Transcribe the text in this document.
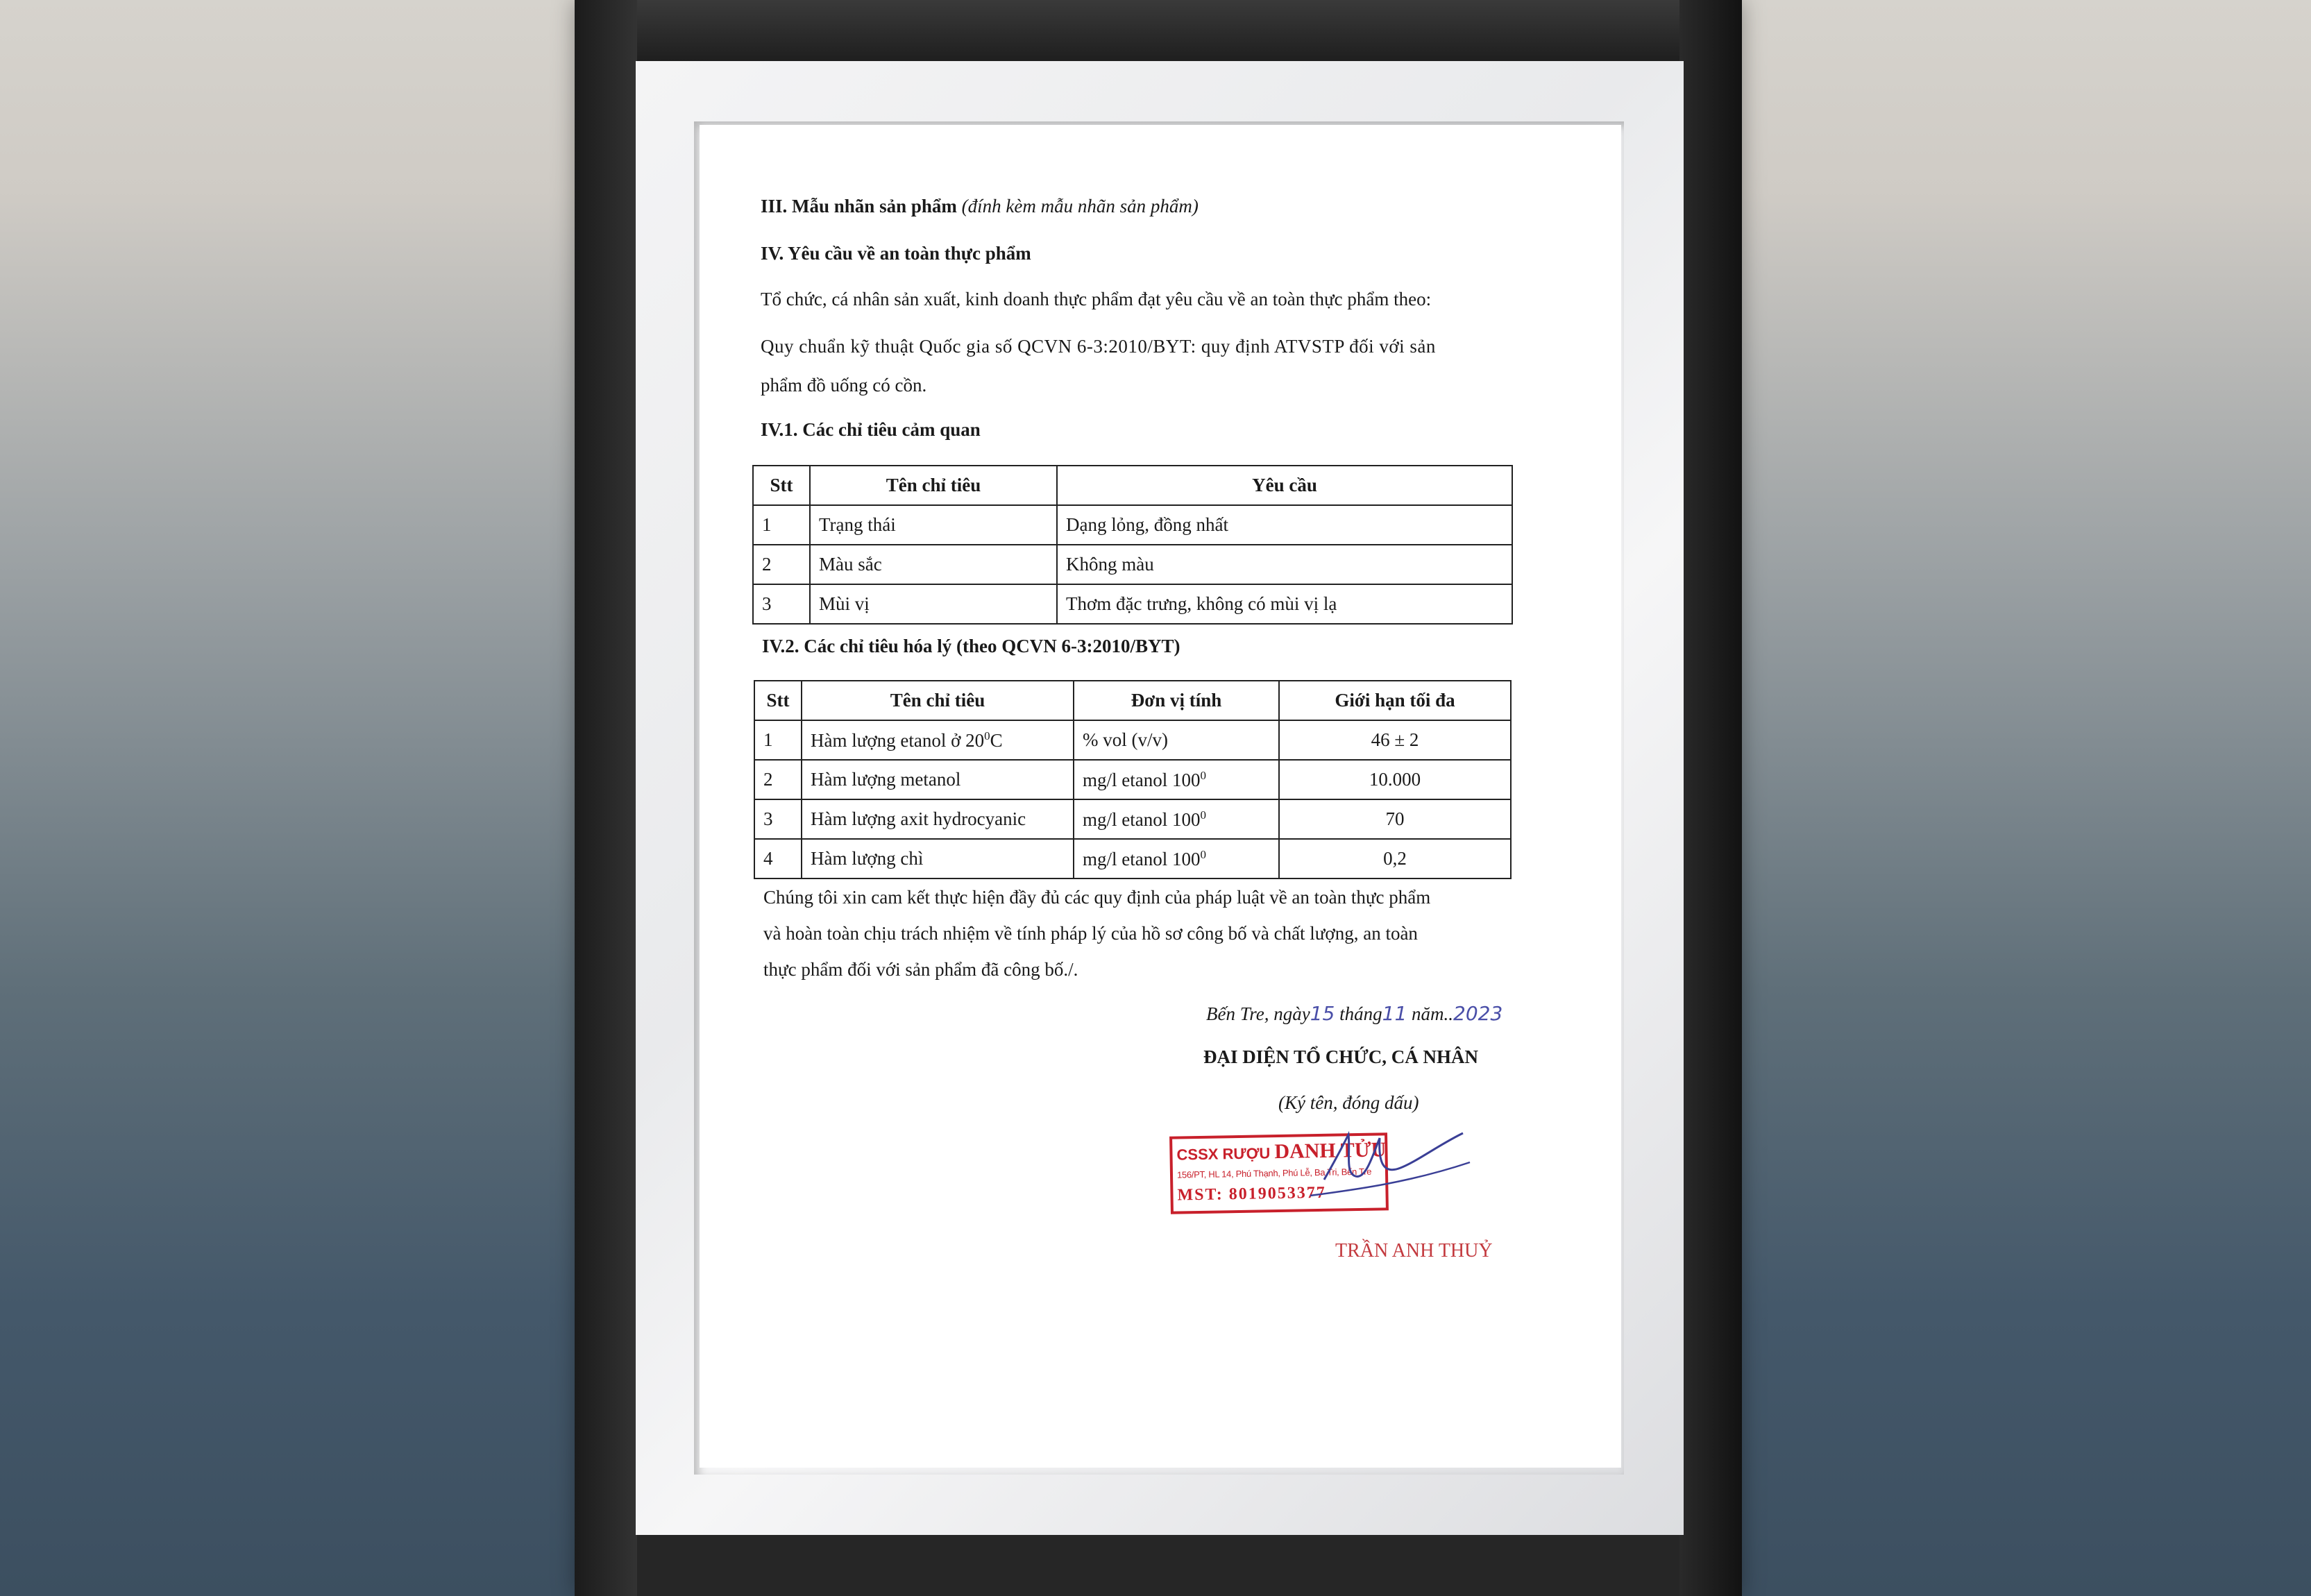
III. Mẫu nhãn sản phẩm (đính kèm mẫu nhãn sản phẩm)
IV. Yêu cầu về an toàn thực phẩm
Tổ chức, cá nhân sản xuất, kinh doanh thực phẩm đạt yêu cầu về an toàn thực phẩm theo:
Quy chuẩn kỹ thuật Quốc gia số QCVN 6-3:2010/BYT: quy định ATVSTP đối với sản
phẩm đồ uống có cồn.
IV.1. Các chỉ tiêu cảm quan
Stt	Tên chỉ tiêu	Yêu cầu
1	Trạng thái	Dạng lỏng, đồng nhất
2	Màu sắc	Không màu
3	Mùi vị	Thơm đặc trưng, không có mùi vị lạ
IV.2. Các chỉ tiêu hóa lý (theo QCVN 6-3:2010/BYT)
Stt	Tên chỉ tiêu	Đơn vị tính	Giới hạn tối đa
1	Hàm lượng etanol ở $20^0C$	% vol (v/v)	46 ± 2
2	Hàm lượng metanol	mg/l etanol $100^0$	10.000
3	Hàm lượng axit hydrocyanic	mg/l etanol $100^0$	70
4	Hàm lượng chì	mg/l etanol $100^0$	0,2
Chúng tôi xin cam kết thực hiện đầy đủ các quy định của pháp luật về an toàn thực phẩm
và hoàn toàn chịu trách nhiệm về tính pháp lý của hồ sơ công bố và chất lượng, an toàn
thực phẩm đối với sản phẩm đã công bố./.
Bến Tre, ngày15 tháng11 năm..2023
ĐẠI DIỆN TỔ CHỨC, CÁ NHÂN
(Ký tên, đóng dấu)
CSSX RƯỢU DANH TỬU
156/PT, HL 14, Phú Thạnh, Phú Lễ, Ba Tri, Bến Tre
MST: 8019053377
TRẦN ANH THUỶ
